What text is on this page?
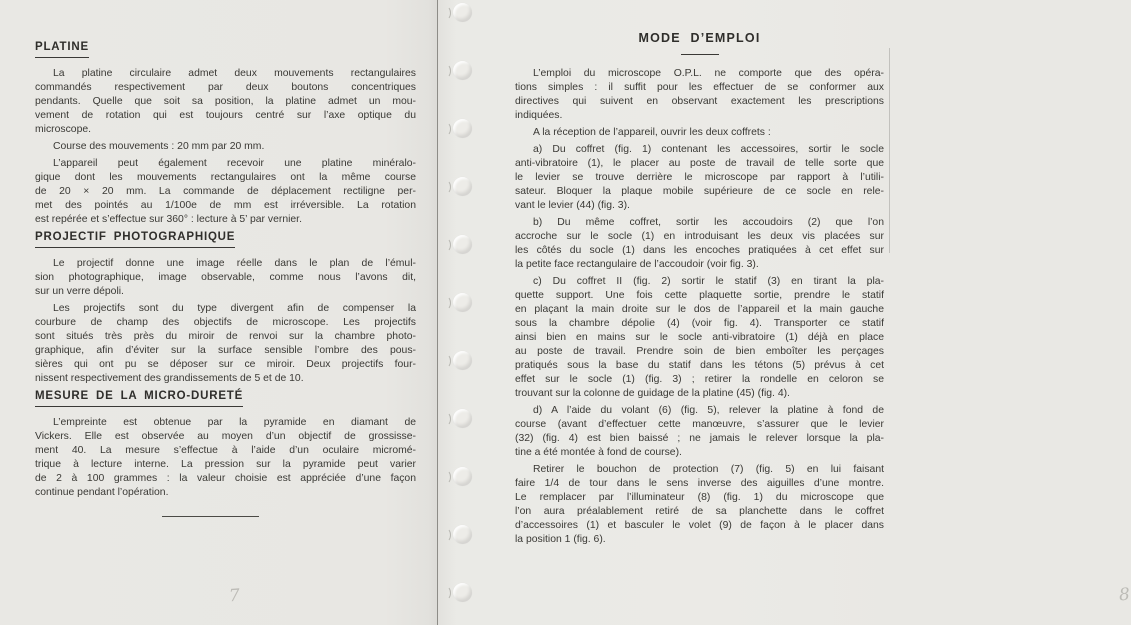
PLATINE
La platine circulaire admet deux mouvements rectangulaires
commandés respectivement par deux boutons concentriques
pendants. Quelle que soit sa position, la platine admet un mou-
vement de rotation qui est toujours centré sur l’axe optique du
microscope.
Course des mouvements : 20 mm par 20 mm.
L’appareil peut également recevoir une platine minéralo-
gique dont les mouvements rectangulaires ont la même course
de 20 × 20 mm. La commande de déplacement rectiligne per-
met des pointés au 1/100e de mm est irréversible. La rotation
est repérée et s’effectue sur 360° : lecture à 5’ par vernier.
PROJECTIF PHOTOGRAPHIQUE
Le projectif donne une image réelle dans le plan de l’émul-
sion photographique, image observable, comme nous l’avons dit,
sur un verre dépoli.
Les projectifs sont du type divergent afin de compenser la
courbure de champ des objectifs de microscope. Les projectifs
sont situés très près du miroir de renvoi sur la chambre photo-
graphique, afin d’éviter sur la surface sensible l’ombre des pous-
sières qui ont pu se déposer sur ce miroir. Deux projectifs four-
nissent respectivement des grandissements de 5 et de 10.
MESURE DE LA MICRO-DURETÉ
L’empreinte est obtenue par la pyramide en diamant de
Vickers. Elle est observée au moyen d’un objectif de grossisse-
ment 40. La mesure s’effectue à l’aide d’un oculaire micromé-
trique à lecture interne. La pression sur la pyramide peut varier
de 2 à 100 grammes : la valeur choisie est appréciée d’une façon
continue pendant l’opération.
7
MODE D’EMPLOI
L’emploi du microscope O.P.L. ne comporte que des opéra-
tions simples : il suffit pour les effectuer de se conformer aux
directives qui suivent en observant exactement les prescriptions
indiquées.
A la réception de l’appareil, ouvrir les deux coffrets :
a) Du coffret (fig. 1) contenant les accessoires, sortir le socle
anti-vibratoire (1), le placer au poste de travail de telle sorte que
le levier se trouve derrière le microscope par rapport à l’utili-
sateur. Bloquer la plaque mobile supérieure de ce socle en rele-
vant le levier (44) (fig. 3).
b) Du même coffret, sortir les accoudoirs (2) que l’on
accroche sur le socle (1) en introduisant les deux vis placées sur
les côtés du socle (1) dans les encoches pratiquées à cet effet sur
la petite face rectangulaire de l’accoudoir (voir fig. 3).
c) Du coffret II (fig. 2) sortir le statif (3) en tirant la pla-
quette support. Une fois cette plaquette sortie, prendre le statif
en plaçant la main droite sur le dos de l’appareil et la main gauche
sous la chambre dépolie (4) (voir fig. 4). Transporter ce statif
ainsi bien en mains sur le socle anti-vibratoire (1) déjà en place
au poste de travail. Prendre soin de bien emboîter les perçages
pratiqués sous la base du statif dans les tétons (5) prévus à cet
effet sur le socle (1) (fig. 3) ; retirer la rondelle en celoron se
trouvant sur la colonne de guidage de la platine (45) (fig. 4).
d) A l’aide du volant (6) (fig. 5), relever la platine à fond de
course (avant d’effectuer cette manœuvre, s’assurer que le levier
(32) (fig. 4) est bien baissé ; ne jamais le relever lorsque la pla-
tine a été montée à fond de course).
Retirer le bouchon de protection (7) (fig. 5) en lui faisant
faire 1/4 de tour dans le sens inverse des aiguilles d’une montre.
Le remplacer par l’illuminateur (8) (fig. 1) du microscope que
l’on aura préalablement retiré de sa planchette dans le coffret
d’accessoires (1) et basculer le volet (9) de façon à le placer dans
la position 1 (fig. 6).
8
